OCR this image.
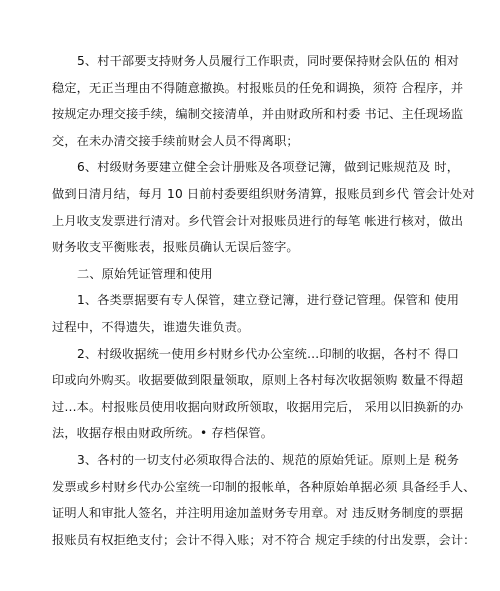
5、村干部要支持财务人员履行工作职责，同时要保持财会队伍的 相对
稳定，无正当理由不得随意撤换。村报账员的任免和调换，须符 合程序，并
按规定办理交接手续，编制交接清单，并由财政所和村委 书记、主任现场监
交，在未办清交接手续前财会人员不得离职；
6、村级财务要建立健全会计册账及各项登记簿，做到记账规范及 时，
做到日清月结，每月 10 日前村委要组织财务清算，报账员到乡代 管会计处对
上月收支发票进行清对。乡代管会计对报账员进行的每笔 帐进行核对，做出
财务收支平衡账表，报账员确认无误后签字。
二、原始凭证管理和使用
1、各类票据要有专人保管，建立登记簿，进行登记管理。保管和 使用
过程中，不得遗失，谁遗失谁负责。
2、村级收据统一使用乡村财乡代办公室统…印制的收据，各村不 得口
印或向外购买。收据要做到限量领取，原则上各村每次收据领购 数量不得超
过…本。村报账员使用收据向财政所领取，收据用完后， 采用以旧换新的办
法，收据存根由财政所统。• 存档保管。
3、各村的一切支付必须取得合法的、规范的原始凭证。原则上是 税务
发票或乡村财乡代办公室统一印制的报帐单，各种原始单据必须 具备经手人、
证明人和审批人签名，并注明用途加盖财务专用章。对 违反财务制度的票据
报账员有权拒绝支付；会计不得入账；对不符合 规定手续的付出发票，会计：
